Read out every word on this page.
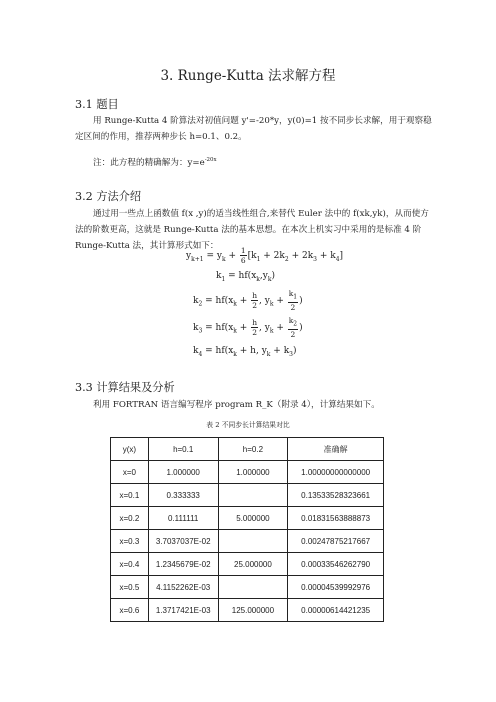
3. Runge-Kutta 法求解方程
3.1 题目
用 Runge-Kutta 4 阶算法对初值问题 y'=-20*y，y(0)=1 按不同步长求解，用于观察稳定区间的作用，推荐两种步长 h=0.1、0.2。
注：此方程的精确解为：$y=e^{-20x}$
3.2 方法介绍
通过用一些点上函数值 f(x ,y)的适当线性组合,来替代 Euler 法中的 f(xk,yk)，从而使方法的阶数更高，这就是 Runge-Kutta 法的基本思想。在本次上机实习中采用的是标准 4 阶 Runge-Kutta 法，其计算形式如下：
$y_{k+1} = y_k + \frac{1}{6} [k_1 + 2k_2 + 2k_3 + k_4]$
$k_1 = hf(x_k,y_k)$
$k_2 = hf(x_k + \frac{h}{2}$ , $y_k + \frac{k_1}{2}$ )
$k_3 = hf(x_k + \frac{h}{2}$ , $y_k + \frac{k_2}{2}$ )
$k_4 = hf(x_k + h$, $y_k + k_3$)
3.3 计算结果及分析
利用 FORTRAN 语言编写程序 program R_K（附录 4），计算结果如下。
表 2 不同步长计算结果对比
y(x)	h=0.1	h=0.2	准确解
x=0	1.000000	1.000000	1.00000000000000
x=0.1	0.333333		0.13533528323661
x=0.2	0.111111	5.000000	0.01831563888873
x=0.3	3.7037037E-02		0.00247875217667
x=0.4	1.2345679E-02	25.000000	0.00033546262790
x=0.5	4.1152262E-03		0.00004539992976
x=0.6	1.3717421E-03	125.000000	0.00000614421235
